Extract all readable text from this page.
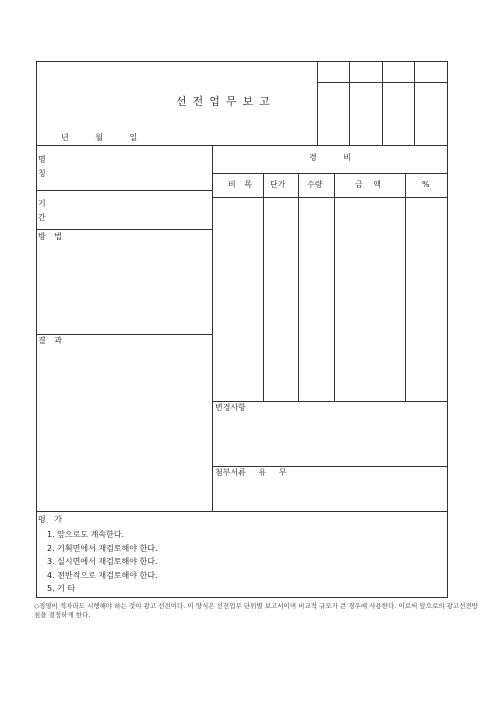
선전업무보고
년 월 일
명
칭
기
간
방 법
결 과
경 비
비 목 단가	수량	금 액	%
변경사항
첨부서류 유 무
평 가
1. 앞으로도 계속한다.
2. 기획면에서 재검토해야 한다.
3. 실시면에서 재검토해야 한다.
4. 전반적으로 재검토해야 한다.
5. 기 타
◇경영이 적자라도 시행해야 하는 것이 광고 선전이다. 이 양식은 선전업무 단위별 보고서이며 비교적 규모가 큰 경우에 사용한다. 이로써 앞으로의 광고선전방침을 결정하게 한다.
